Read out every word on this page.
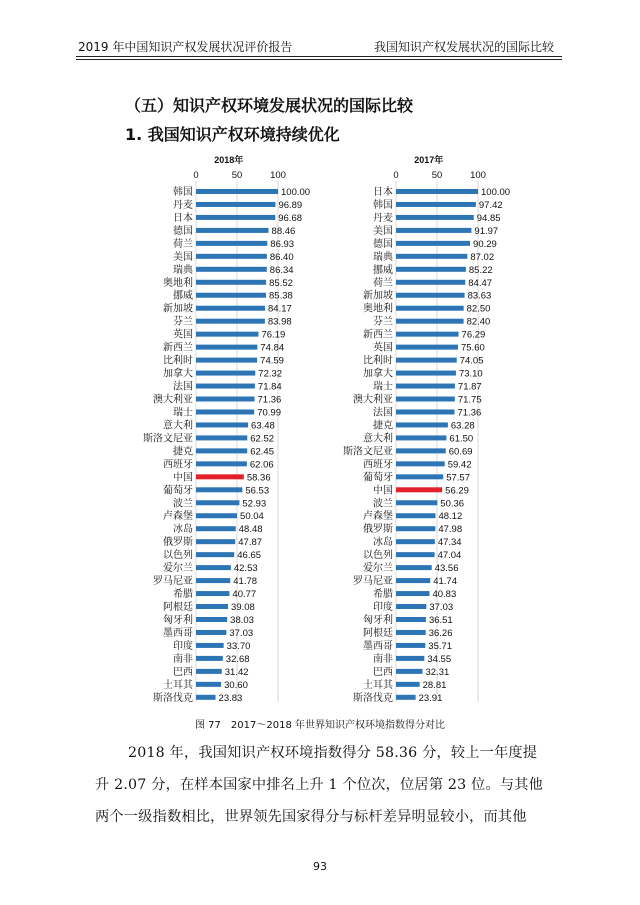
2019 年中国知识产权发展状况评价报告	我国知识产权发展状况的国际比较
（五）知识产权环境发展状况的国际比较
1. 我国知识产权环境持续优化
2018年
0	50	100
韩国	100.00
丹麦	96.89
日本	96.68
德国	88.46
荷兰	86.93
美国	86.40
瑞典	86.34
奥地利	85.52
挪威	85.38
新加坡	84.17
芬兰	83.98
英国	76.19
新西兰	74.84
比利时	74.59
加拿大	72.32
法国	71.84
澳大利亚	71.36
瑞士	70.99
意大利	63.48
斯洛文尼亚	62.52
捷克	62.45
西班牙	62.06
中国	58.36
葡萄牙	56.53
波兰	52.93
卢森堡	50.04
冰岛	48.48
俄罗斯	47.87
以色列	46.65
爱尔兰	42.53
罗马尼亚	41.78
希腊	40.77
阿根廷	39.08
匈牙利	38.03
墨西哥	37.03
印度	33.70
南非	32.68
巴西	31.42
土耳其	30.60
斯洛伐克	23.83
2017年
0	50	100
日本	100.00
韩国	97.42
丹麦	94.85
美国	91.97
德国	90.29
瑞典	87.02
挪威	85.22
荷兰	84.47
新加坡	83.63
奥地利	82.50
芬兰	82.40
新西兰	76.29
英国	75.60
比利时	74.05
加拿大	73.10
瑞士	71.87
澳大利亚	71.75
法国	71.36
捷克	63.28
意大利	61.50
斯洛文尼亚	60.69
西班牙	59.42
葡萄牙	57.57
中国	56.29
波兰	50.36
卢森堡	48.12
俄罗斯	47.98
冰岛	47.34
以色列	47.04
爱尔兰	43.56
罗马尼亚	41.74
希腊	40.83
印度	37.03
匈牙利	36.51
阿根廷	36.26
墨西哥	35.71
南非	34.55
巴西	32.31
土耳其	28.81
斯洛伐克	23.91
图 77　2017～2018 年世界知识产权环境指数得分对比
2018 年，我国知识产权环境指数得分 58.36 分，较上一年度提
升 2.07 分，在样本国家中排名上升 1 个位次，位居第 23 位。与其他
两个一级指数相比，世界领先国家得分与标杆差异明显较小，而其他
93
